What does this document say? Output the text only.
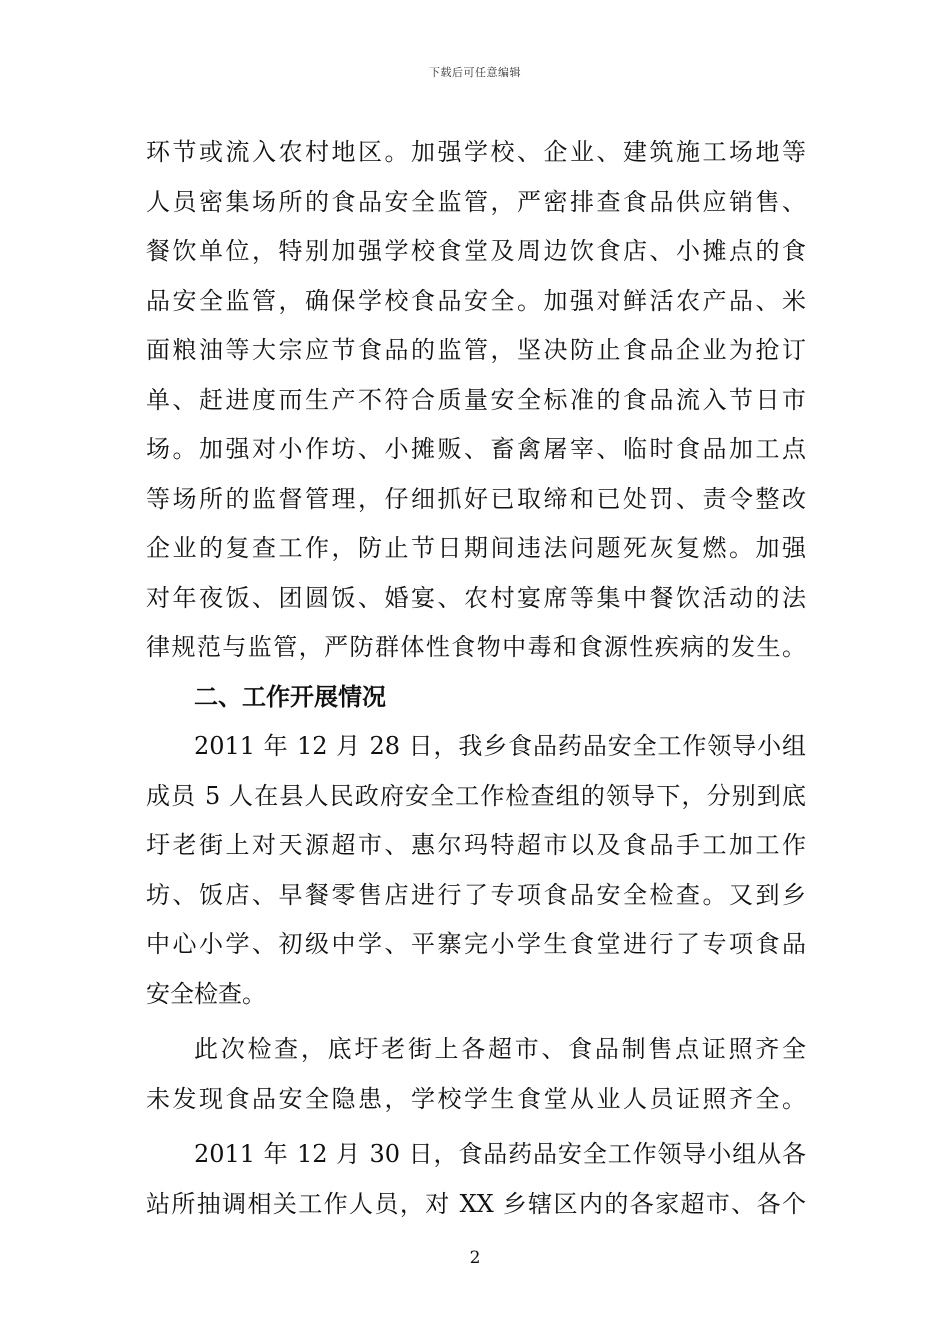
下载后可任意编辑
环节或流入农村地区。加强学校、企业、建筑施工场地等
人员密集场所的食品安全监管，严密排查食品供应销售、
餐饮单位，特别加强学校食堂及周边饮食店、小摊点的食
品安全监管，确保学校食品安全。加强对鲜活农产品、米
面粮油等大宗应节食品的监管，坚决防止食品企业为抢订
单、赶进度而生产不符合质量安全标准的食品流入节日市
场。加强对小作坊、小摊贩、畜禽屠宰、临时食品加工点
等场所的监督管理，仔细抓好已取缔和已处罚、责令整改
企业的复查工作，防止节日期间违法问题死灰复燃。加强
对年夜饭、团圆饭、婚宴、农村宴席等集中餐饮活动的法
律规范与监管，严防群体性食物中毒和食源性疾病的发生。
二、工作开展情况
2011 年 12 月 28 日，我乡食品药品安全工作领导小组
成员 5 人在县人民政府安全工作检查组的领导下，分别到底
圩老街上对天源超市、惠尔玛特超市以及食品手工加工作
坊、饭店、早餐零售店进行了专项食品安全检查。又到乡
中心小学、初级中学、平寨完小学生食堂进行了专项食品
安全检查。
此次检查，底圩老街上各超市、食品制售点证照齐全
未发现食品安全隐患，学校学生食堂从业人员证照齐全。
2011 年 12 月 30 日，食品药品安全工作领导小组从各
站所抽调相关工作人员，对 XX 乡辖区内的各家超市、各个
2
